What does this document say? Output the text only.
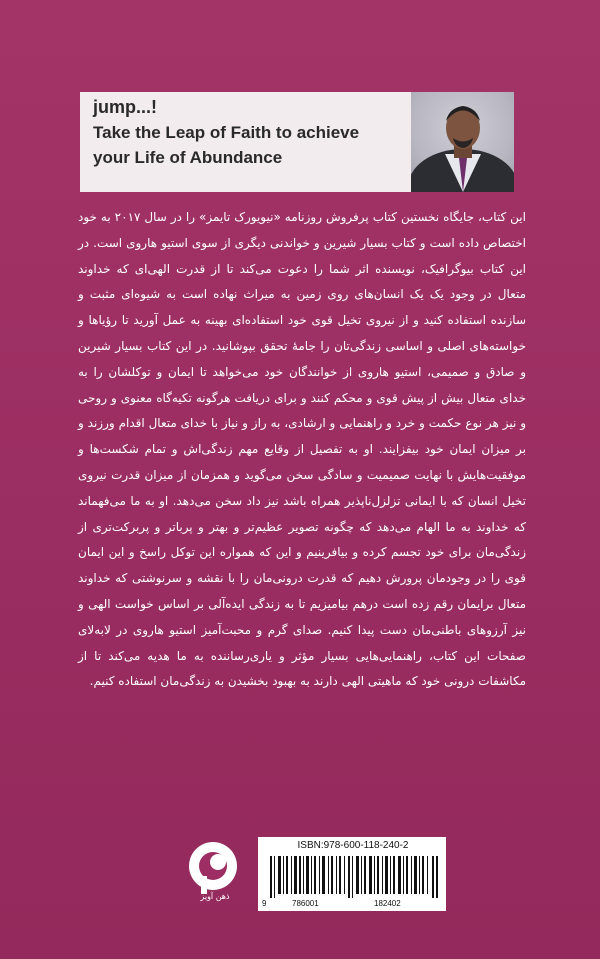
jump...!
Take the Leap of Faith to achieve
your Life of Abundance
این کتاب، جایگاه نخستین کتاب پرفروش روزنامه «نیویورک تایمز» را در سال ۲۰۱۷ به خود اختصاص داده است و کتاب بسیار شیرین و خواندنی دیگری از سوی استیو هاروی است. در این کتاب بیوگرافیک، نویسنده اثر شما را دعوت می‌کند تا از قدرت الهی‌ای که خداوند متعال در وجود یک یک انسان‌های روی زمین به میراث نهاده است به شیوه‌ای مثبت و سازنده استفاده کنید و از نیروی تخیل قوی خود استفاده‌ای بهینه به عمل آورید تا رؤیاها و خواسته‌های اصلی و اساسی زندگی‌تان را جامهٔ تحقق بپوشانید. در این کتاب بسیار شیرین و صادق و صمیمی، استیو هاروی از خوانندگان خود می‌خواهد تا ایمان و توکلشان را به خدای متعال بیش از پیش قوی و محکم کنند و برای دریافت هرگونه تکیه‌گاه معنوی و روحی و نیز هر نوع حکمت و خرد و راهنمایی و ارشادی، به راز و نیاز با خدای متعال اقدام ورزند و بر میزان ایمان خود بیفزایند. او به تفصیل از وقایع مهم زندگی‌اش و تمام شکست‌ها و موفقیت‌هایش با نهایت صمیمیت و سادگی سخن می‌گوید و همزمان از میزان قدرت نیروی تخیل انسان که با ایمانی تزلزل‌ناپذیر همراه باشد نیز داد سخن می‌دهد. او به ما می‌فهماند که خداوند به ما الهام می‌دهد که چگونه تصویر عظیم‌تر و بهتر و پرباتر و پربرکت‌تری از زندگی‌مان برای خود تجسم کرده و بیافرینیم و این که همواره این توکل راسخ و این ایمان قوی را در وجودمان پرورش دهیم که قدرت درونی‌مان را با نقشه و سرنوشتی که خداوند متعال برایمان رقم زده است درهم بیامیزیم تا به زندگی ایده‌آلی بر اساس خواست الهی و نیز آرزوهای باطنی‌مان دست پیدا کنیم. صدای گرم و محبت‌آمیز استیو هاروی در لابه‌لای صفحات این کتاب، راهنمایی‌هایی بسیار مؤثر و یاری‌رساننده به ما هدیه می‌کند تا از مکاشفات درونی خود که ماهیتی الهی دارند به بهبود بخشیدن به زندگی‌مان استفاده کنیم.
ذهن آویز
ISBN:978-600-118-240-2
9	786001	182402
